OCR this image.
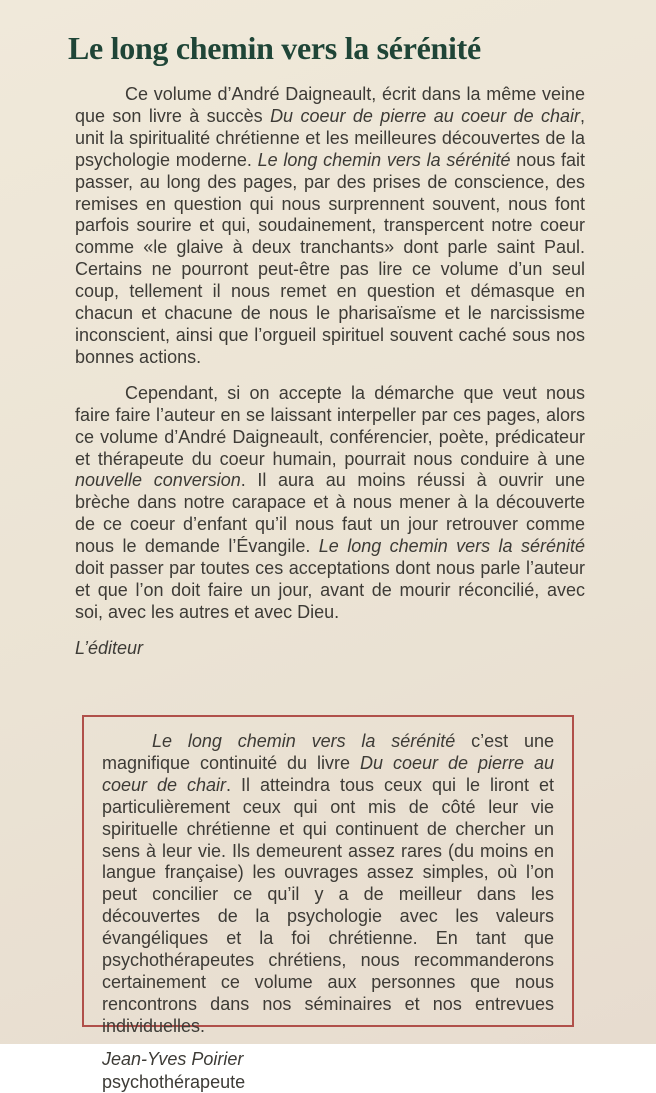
Le long chemin vers la sérénité

Ce volume d’André Daigneault, écrit dans la même veine que son livre à succès Du coeur de pierre au coeur de chair, unit la spiritualité chrétienne et les meilleures découvertes de la psychologie moderne. Le long chemin vers la sérénité nous fait passer, au long des pages, par des prises de conscience, des remises en question qui nous surprennent souvent, nous font parfois sourire et qui, soudainement, transpercent notre coeur comme «le glaive à deux tranchants» dont parle saint Paul. Certains ne pourront peut-être pas lire ce volume d’un seul coup, tellement il nous remet en question et démasque en chacun et chacune de nous le pharisaïsme et le narcissisme inconscient, ainsi que l’orgueil spirituel souvent caché sous nos bonnes actions.

Cependant, si on accepte la démarche que veut nous faire faire l’auteur en se laissant interpeller par ces pages, alors ce volume d’André Daigneault, conférencier, poète, prédicateur et thérapeute du coeur humain, pourrait nous conduire à une nouvelle conversion. Il aura au moins réussi à ouvrir une brèche dans notre carapace et à nous mener à la découverte de ce coeur d’enfant qu’il nous faut un jour retrouver comme nous le demande l’Évangile. Le long chemin vers la sérénité doit passer par toutes ces acceptations dont nous parle l’auteur et que l’on doit faire un jour, avant de mourir réconcilié, avec soi, avec les autres et avec Dieu.

L’éditeur

Le long chemin vers la sérénité c’est une magnifique continuité du livre Du coeur de pierre au coeur de chair. Il atteindra tous ceux qui le liront et particulièrement ceux qui ont mis de côté leur vie spirituelle chrétienne et qui continuent de chercher un sens à leur vie. Ils demeurent assez rares (du moins en langue française) les ouvrages assez simples, où l’on peut concilier ce qu’il y a de meilleur dans les découvertes de la psychologie avec les valeurs évangéliques et la foi chrétienne. En tant que psychothérapeutes chrétiens, nous recommanderons certainement ce volume aux personnes que nous rencontrons dans nos séminaires et nos entrevues individuelles.

Jean-Yves Poirier

psychothérapeute
